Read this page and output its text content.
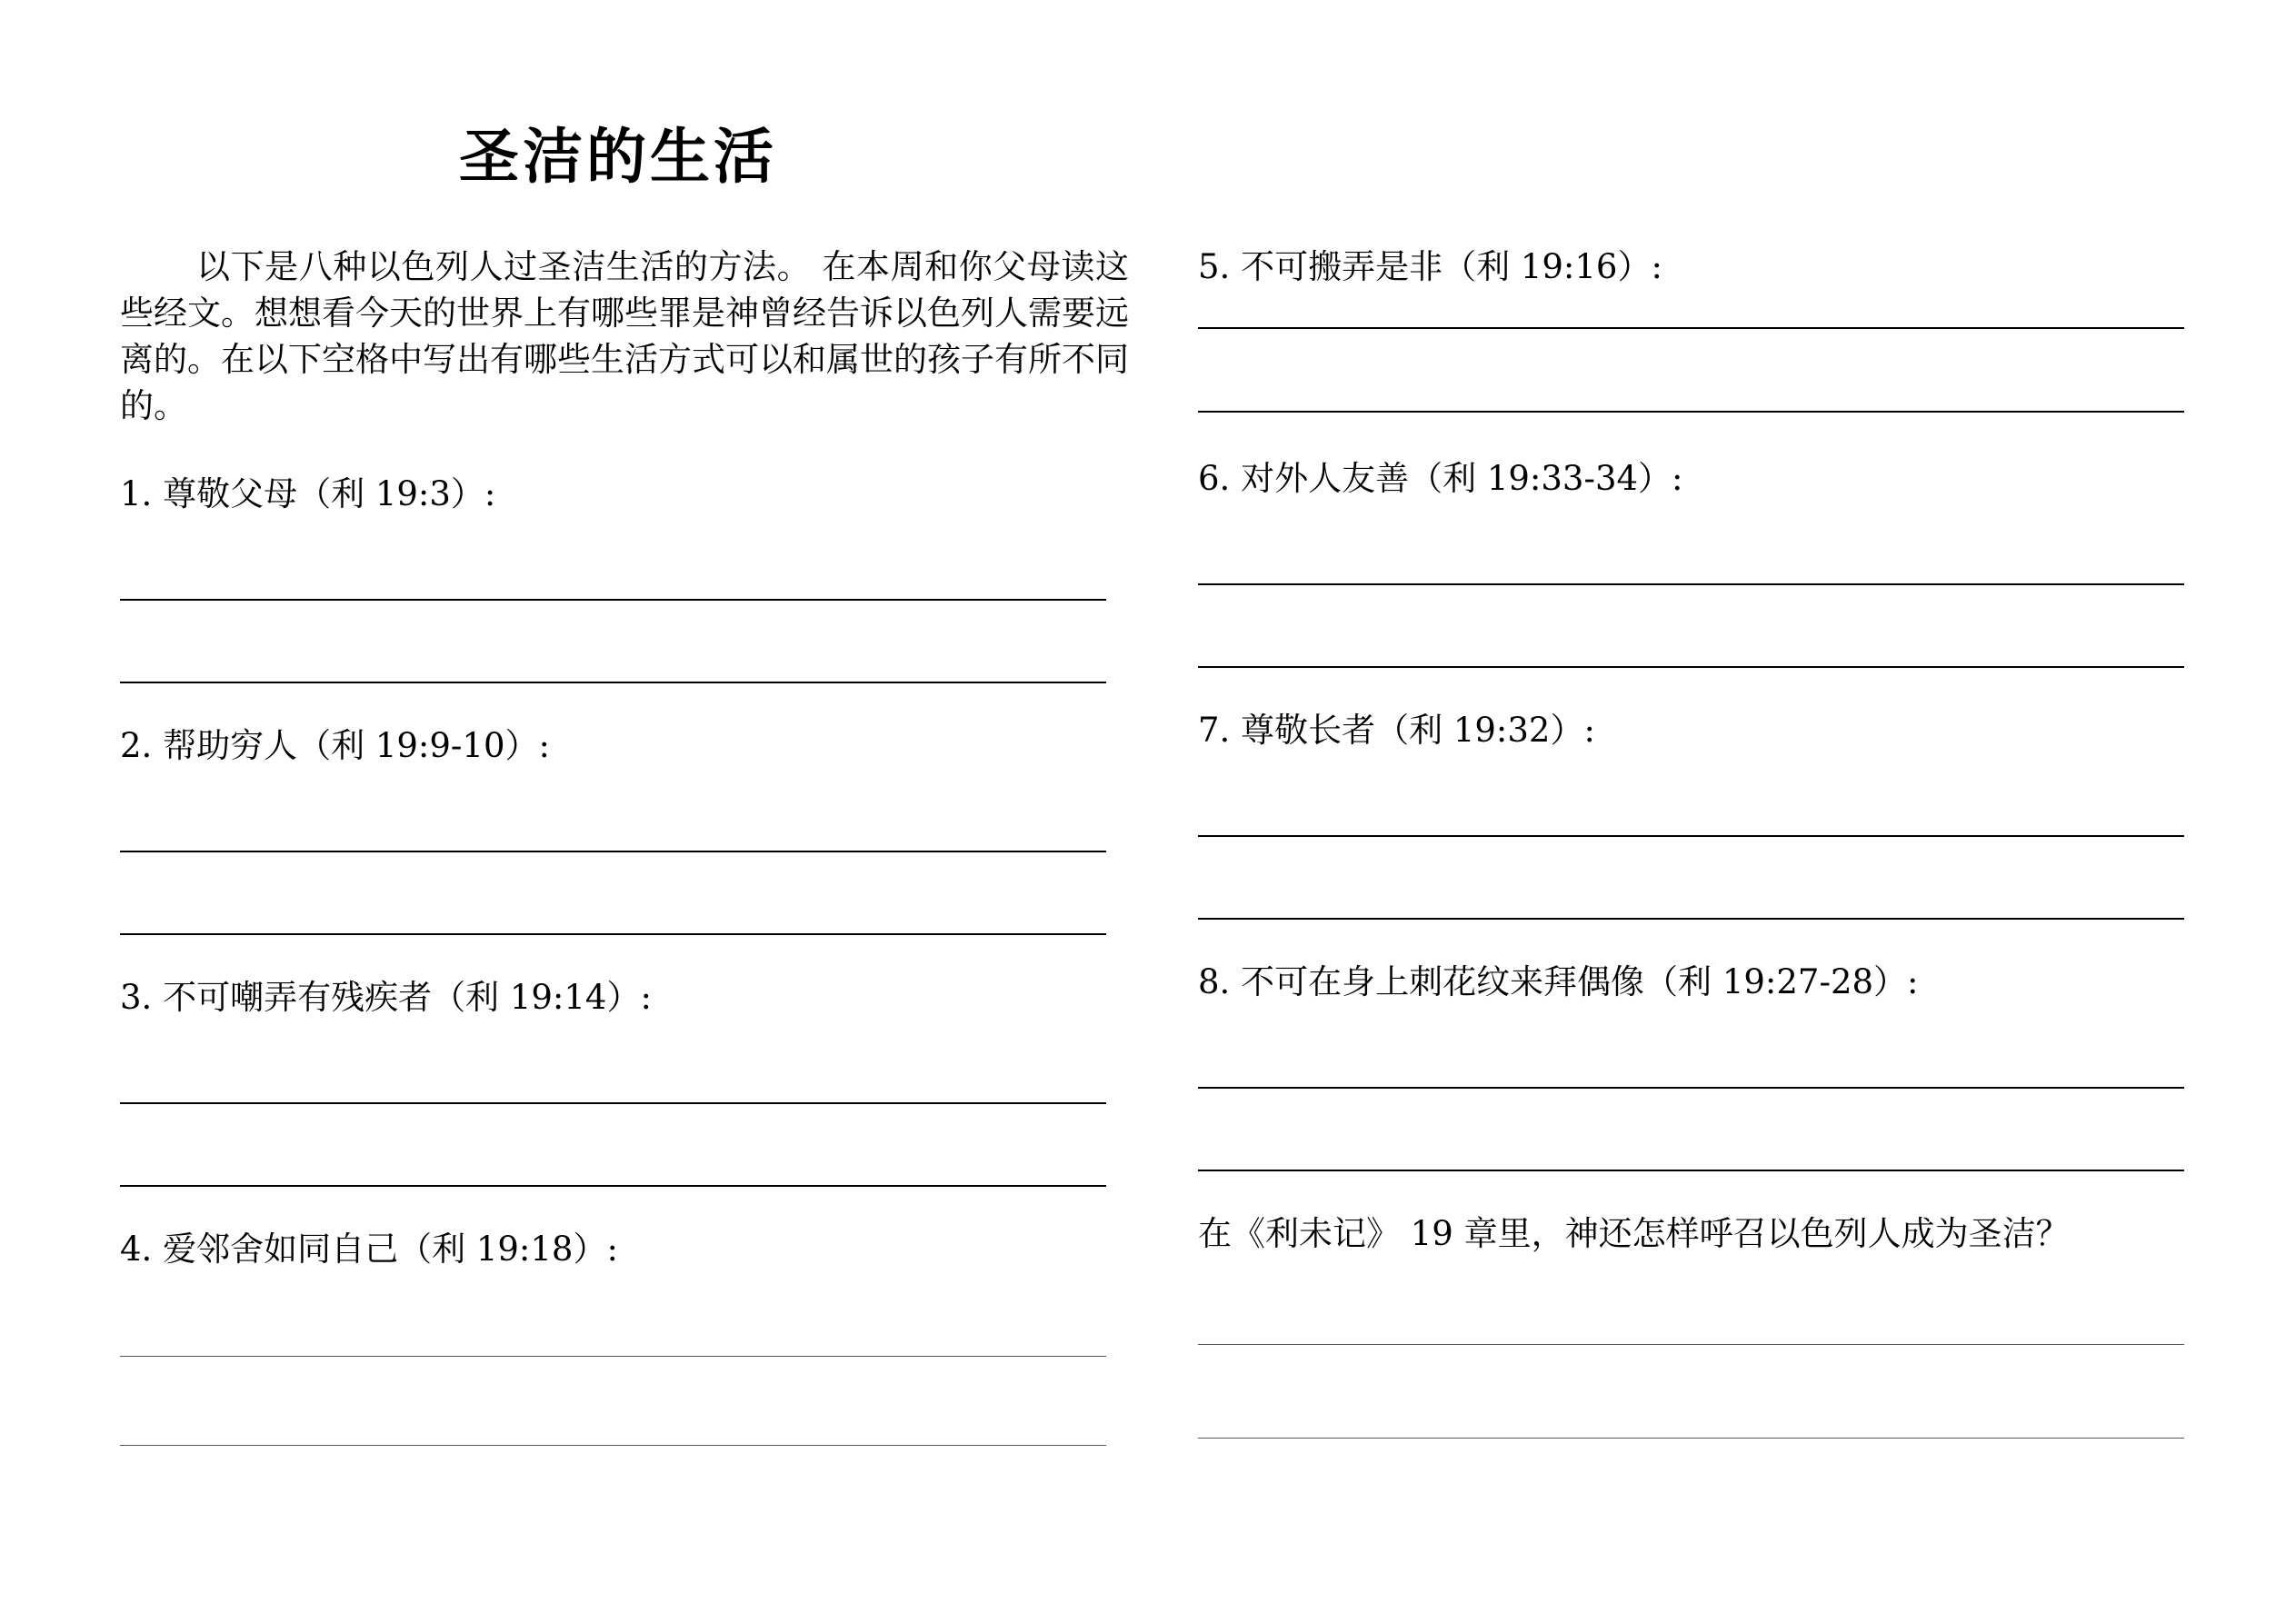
圣洁的生活
以下是八种以色列人过圣洁生活的方法。 在本周和你父母读这些经文。想想看今天的世界上有哪些罪是神曾经告诉以色列人需要远离的。在以下空格中写出有哪些生活方式可以和属世的孩子有所不同的。
1. 尊敬父母（利 19:3）:
2. 帮助穷人（利 19:9-10）:
3. 不可嘲弄有残疾者（利 19:14）:
4. 爱邻舍如同自己（利 19:18）:
5. 不可搬弄是非（利 19:16）:
6. 对外人友善（利 19:33-34）:
7. 尊敬长者（利 19:32）:
8. 不可在身上刺花纹来拜偶像（利 19:27-28）:
在《利未记》 19 章里，神还怎样呼召以色列人成为圣洁？
